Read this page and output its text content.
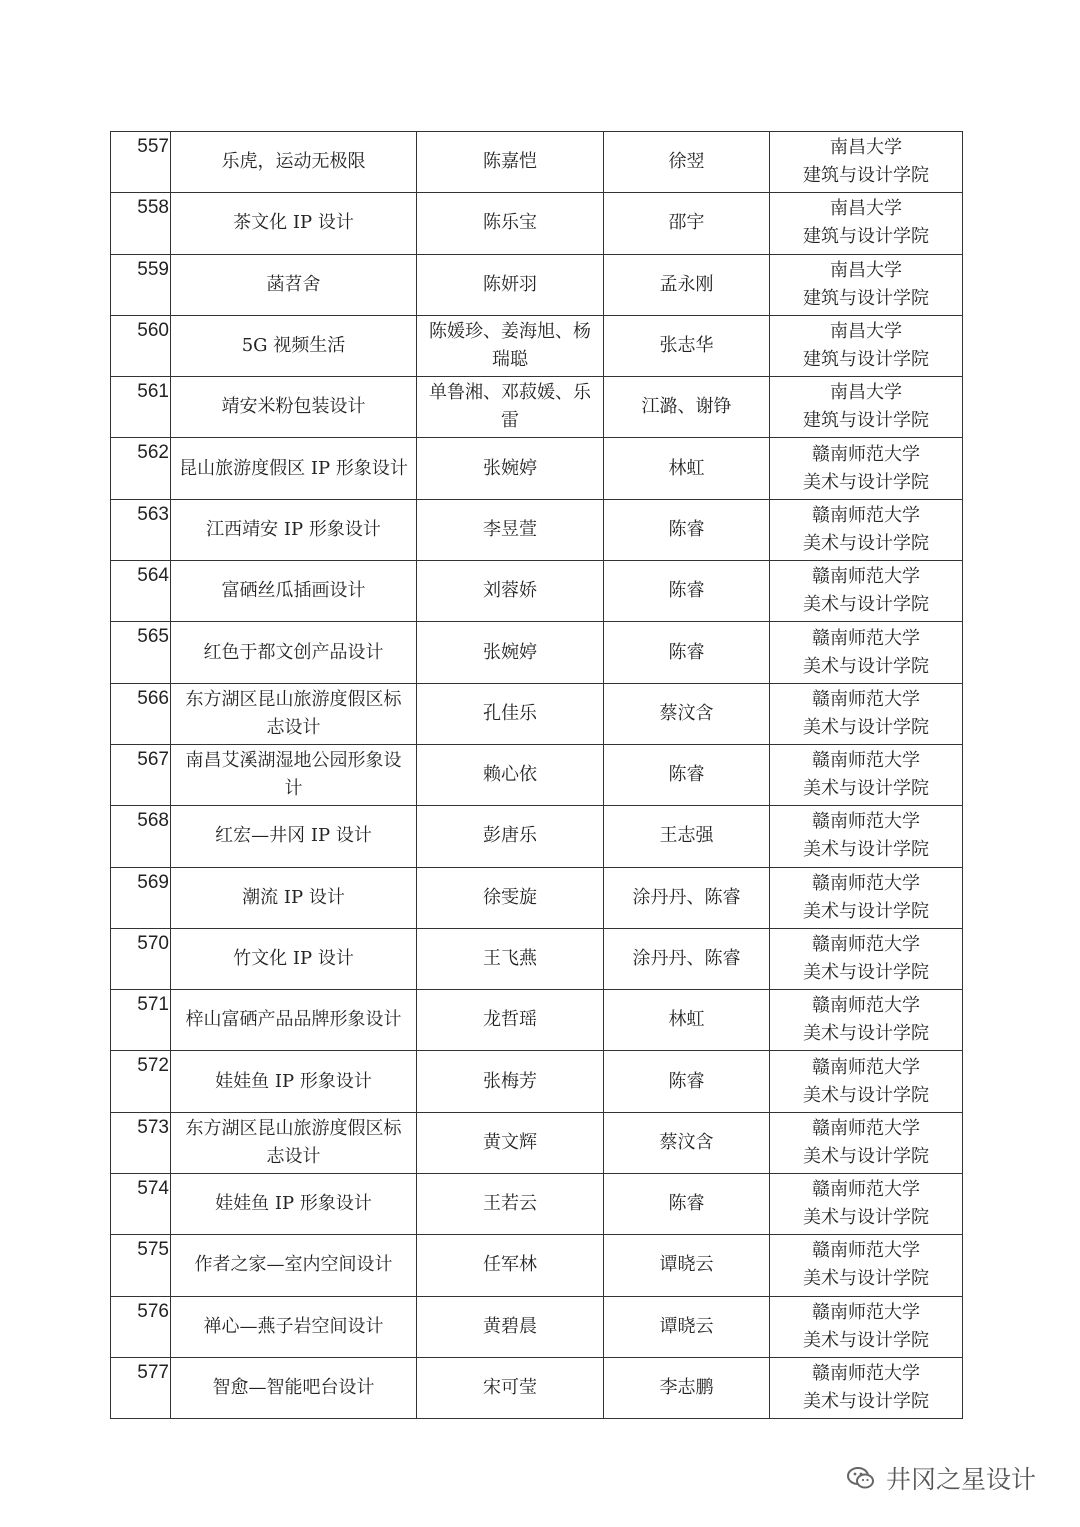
557	乐虎，运动无极限	陈嘉恺	徐翌	南昌大学
建筑与设计学院

558	茶文化 IP 设计	陈乐宝	邵宇	南昌大学
建筑与设计学院

559	菡苕舍	陈妍羽	孟永刚	南昌大学
建筑与设计学院

560	5G 视频生活	陈媛珍、姜海旭、杨瑞聪	张志华	南昌大学
建筑与设计学院

561	靖安米粉包装设计	单鲁湘、邓菽媛、乐雷	江潞、谢铮	南昌大学
建筑与设计学院

562	昆山旅游度假区 IP 形象设计	张婉婷	林虹	赣南师范大学
美术与设计学院

563	江西靖安 IP 形象设计	李昱萱	陈睿	赣南师范大学
美术与设计学院

564	富硒丝瓜插画设计	刘蓉娇	陈睿	赣南师范大学
美术与设计学院

565	红色于都文创产品设计	张婉婷	陈睿	赣南师范大学
美术与设计学院

566	东方湖区昆山旅游度假区标志设计	孔佳乐	蔡汶含	赣南师范大学
美术与设计学院

567	南昌艾溪湖湿地公园形象设计	赖心依	陈睿	赣南师范大学
美术与设计学院

568	红宏—井冈 IP 设计	彭唐乐	王志强	赣南师范大学
美术与设计学院

569	潮流 IP 设计	徐雯旋	涂丹丹、陈睿	赣南师范大学
美术与设计学院

570	竹文化 IP 设计	王飞燕	涂丹丹、陈睿	赣南师范大学
美术与设计学院

571	梓山富硒产品品牌形象设计	龙哲瑶	林虹	赣南师范大学
美术与设计学院

572	娃娃鱼 IP 形象设计	张梅芳	陈睿	赣南师范大学
美术与设计学院

573	东方湖区昆山旅游度假区标志设计	黄文辉	蔡汶含	赣南师范大学
美术与设计学院

574	娃娃鱼 IP 形象设计	王若云	陈睿	赣南师范大学
美术与设计学院

575	作者之家—室内空间设计	任军林	谭晓云	赣南师范大学
美术与设计学院

576	禅心—燕子岩空间设计	黄碧晨	谭晓云	赣南师范大学
美术与设计学院

577	智愈—智能吧台设计	宋可莹	李志鹏	赣南师范大学
美术与设计学院
井冈之星设计
